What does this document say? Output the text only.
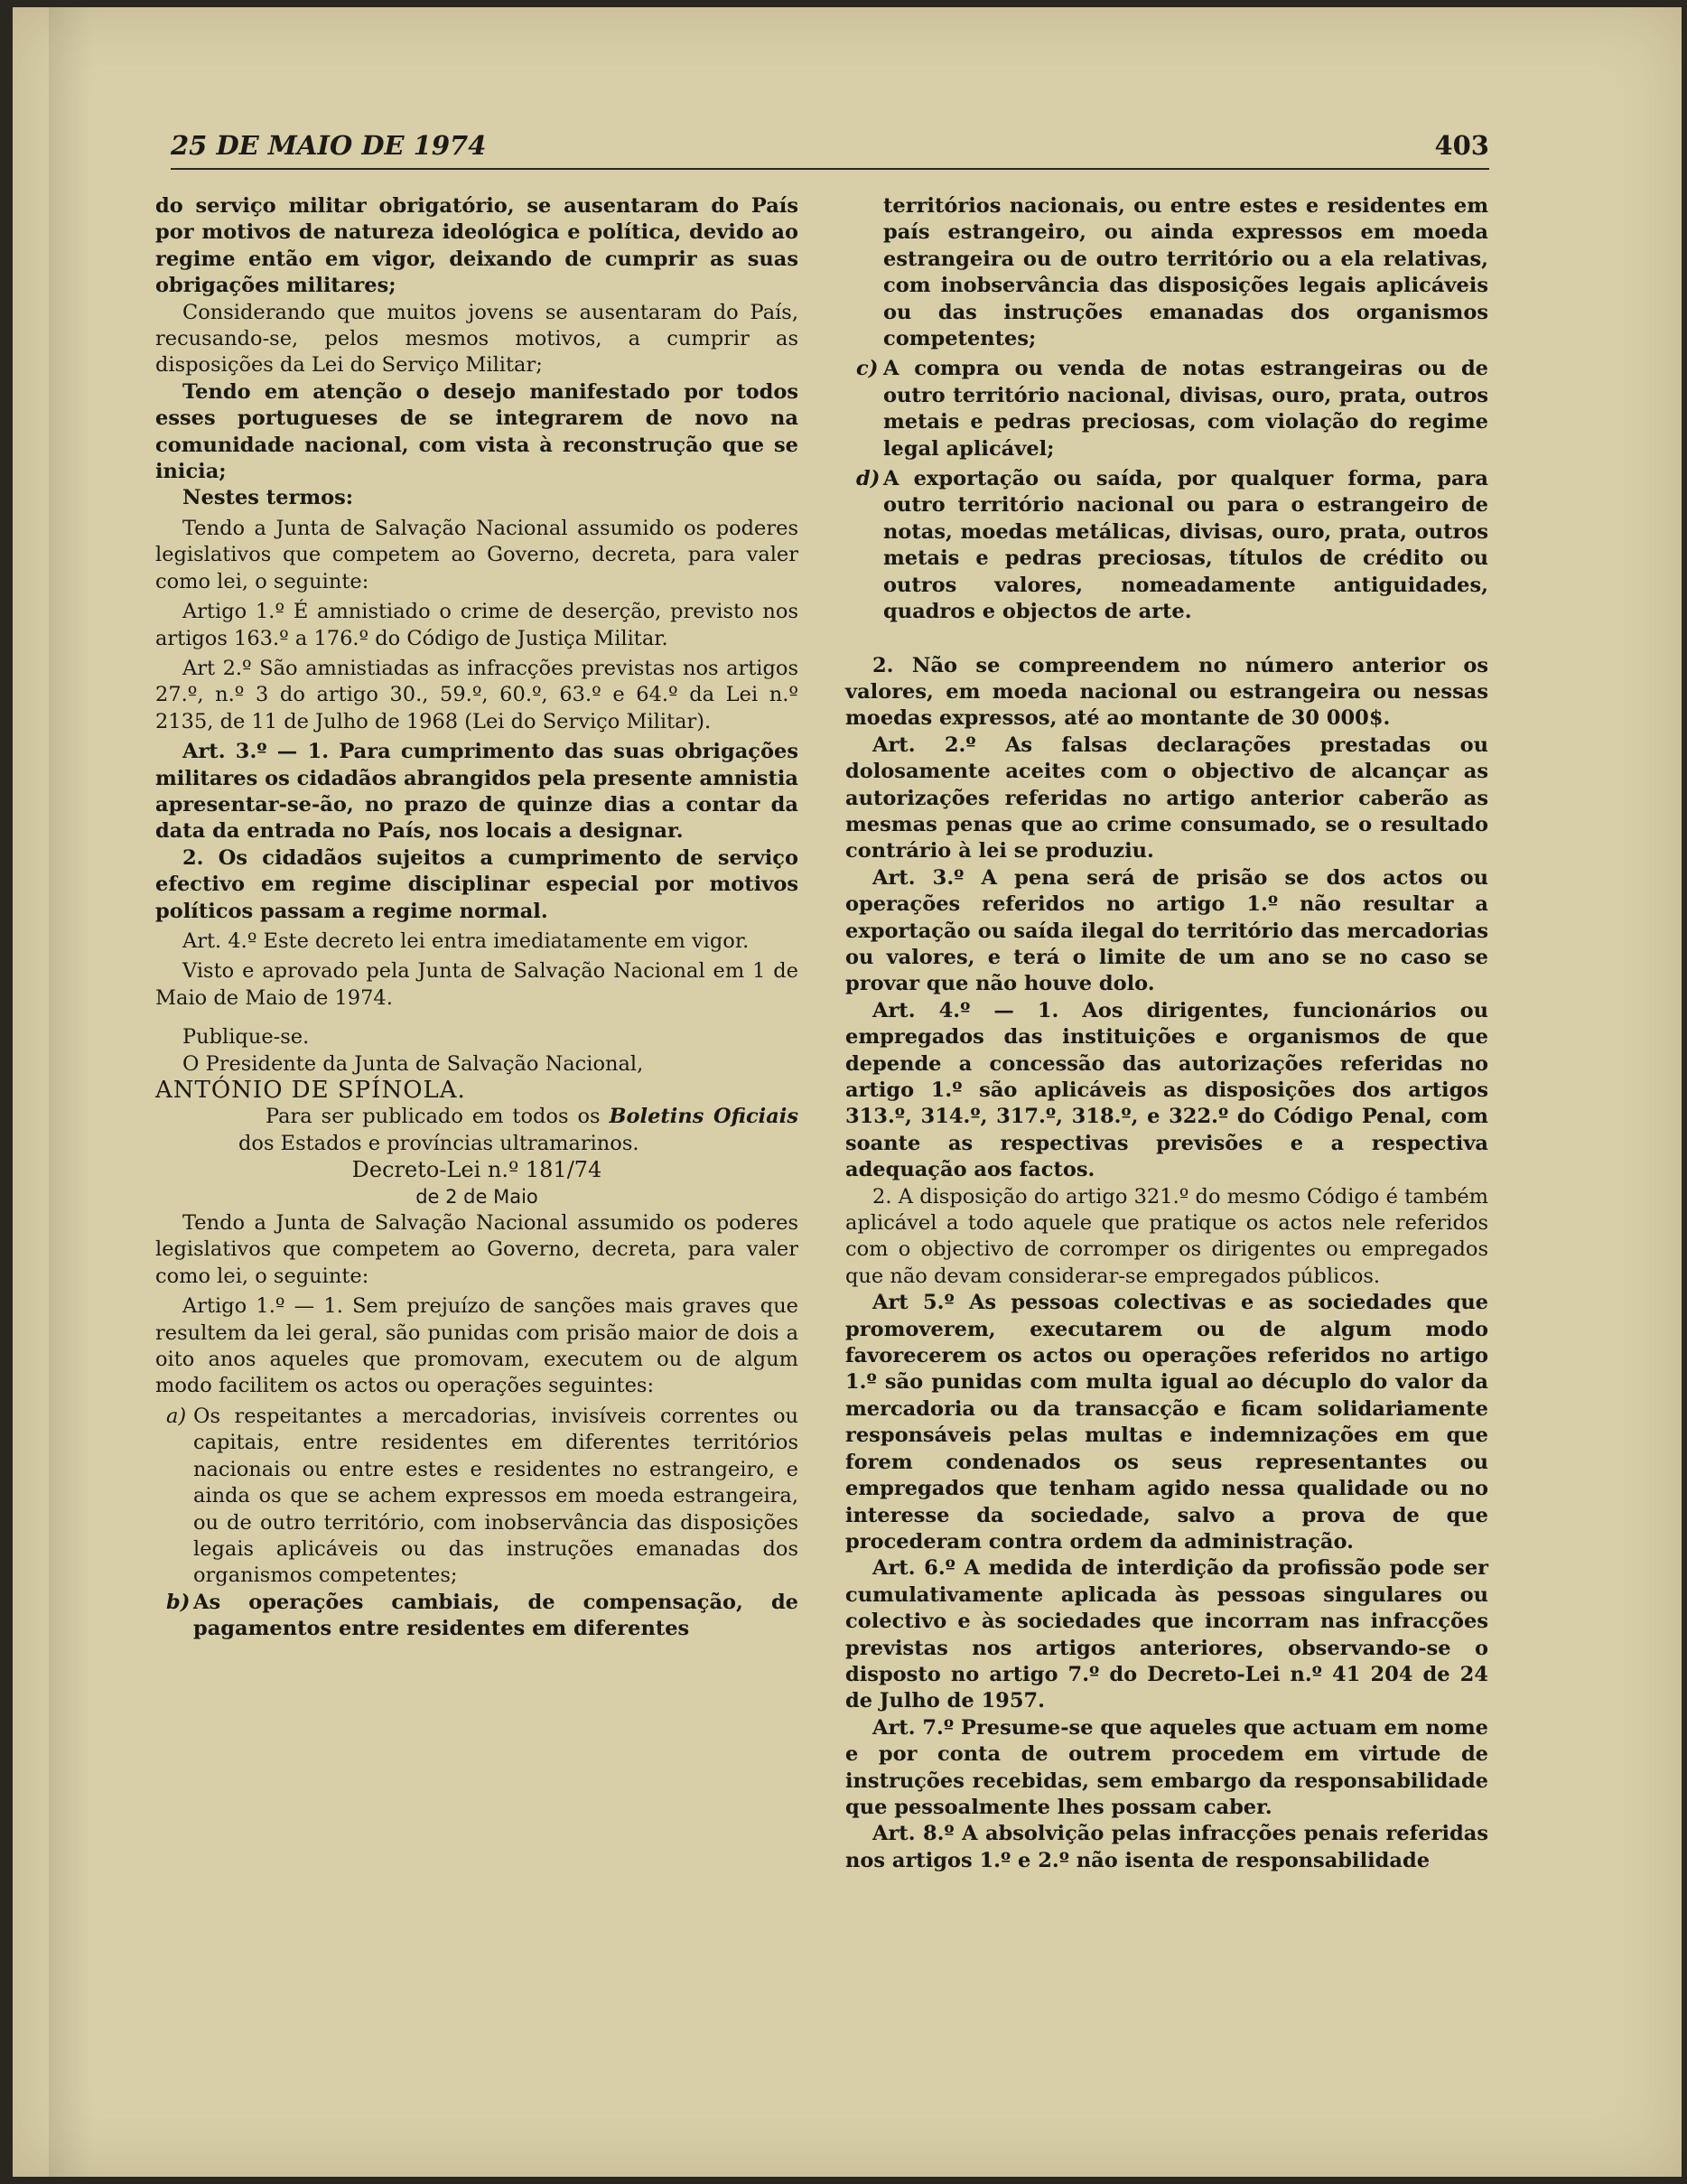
25 DE MAIO DE 1974	403

do serviço militar obrigatório, se ausentaram do País por motivos de natureza ideológica e política, devido ao regime então em vigor, deixando de cumprir as suas obrigações militares;

Considerando que muitos jovens se ausentaram do País, recusando-se, pelos mesmos motivos, a cumprir as disposições da Lei do Serviço Militar;

Tendo em atenção o desejo manifestado por todos esses portugueses de se integrarem de novo na comunidade nacional, com vista à reconstrução que se inicia;

Nestes termos:

Tendo a Junta de Salvação Nacional assumido os poderes legislativos que competem ao Governo, decreta, para valer como lei, o seguinte:

Artigo 1.º É amnistiado o crime de deserção, previsto nos artigos 163.º a 176.º do Código de Justiça Militar.

Art 2.º São amnistiadas as infracções previstas nos artigos 27.º, n.º 3 do artigo 30., 59.º, 60.º, 63.º e 64.º da Lei n.º 2135, de 11 de Julho de 1968 (Lei do Serviço Militar).

Art. 3.º — 1. Para cumprimento das suas obrigações militares os cidadãos abrangidos pela presente amnistia apresentar-se-ão, no prazo de quinze dias a contar da data da entrada no País, nos locais a designar.

2. Os cidadãos sujeitos a cumprimento de serviço efectivo em regime disciplinar especial por motivos políticos passam a regime normal.

Art. 4.º Este decreto lei entra imediatamente em vigor.

Visto e aprovado pela Junta de Salvação Nacional em 1 de Maio de Maio de 1974.

Publique-se.

O Presidente da Junta de Salvação Nacional,

ANTÓNIO DE SPÍNOLA.

Para ser publicado em todos os Boletins Oficiais dos Estados e províncias ultramarinos.

Decreto-Lei n.º 181/74

de 2 de Maio

Tendo a Junta de Salvação Nacional assumido os poderes legislativos que competem ao Governo, decreta, para valer como lei, o seguinte:

Artigo 1.º — 1. Sem prejuízo de sanções mais graves que resultem da lei geral, são punidas com prisão maior de dois a oito anos aqueles que promovam, executem ou de algum modo facilitem os actos ou operações seguintes:

a) Os respeitantes a mercadorias, invisíveis correntes ou capitais, entre residentes em diferentes territórios nacionais ou entre estes e residentes no estrangeiro, e ainda os que se achem expressos em moeda estrangeira, ou de outro território, com inobservância das disposições legais aplicáveis ou das instruções emanadas dos organismos competentes;

b) As operações cambiais, de compensação, de pagamentos entre residentes em diferentes

territórios nacionais, ou entre estes e residentes em país estrangeiro, ou ainda expressos em moeda estrangeira ou de outro território ou a ela relativas, com inobservância das disposições legais aplicáveis ou das instruções emanadas dos organismos competentes;

c) A compra ou venda de notas estrangeiras ou de outro território nacional, divisas, ouro, prata, outros metais e pedras preciosas, com violação do regime legal aplicável;

d) A exportação ou saída, por qualquer forma, para outro território nacional ou para o estrangeiro de notas, moedas metálicas, divisas, ouro, prata, outros metais e pedras preciosas, títulos de crédito ou outros valores, nomeadamente antiguidades, quadros e objectos de arte.

2. Não se compreendem no número anterior os valores, em moeda nacional ou estrangeira ou nessas moedas expressos, até ao montante de 30 000$.

Art. 2.º As falsas declarações prestadas ou dolosamente aceites com o objectivo de alcançar as autorizações referidas no artigo anterior caberão as mesmas penas que ao crime consumado, se o resultado contrário à lei se produziu.

Art. 3.º A pena será de prisão se dos actos ou operações referidos no artigo 1.º não resultar a exportação ou saída ilegal do território das mercadorias ou valores, e terá o limite de um ano se no caso se provar que não houve dolo.

Art. 4.º — 1. Aos dirigentes, funcionários ou empregados das instituições e organismos de que depende a concessão das autorizações referidas no artigo 1.º são aplicáveis as disposições dos artigos 313.º, 314.º, 317.º, 318.º, e 322.º do Código Penal, com soante as respectivas previsões e a respectiva adequação aos factos.

2. A disposição do artigo 321.º do mesmo Código é também aplicável a todo aquele que pratique os actos nele referidos com o objectivo de corromper os dirigentes ou empregados que não devam considerar-se empregados públicos.

Art 5.º As pessoas colectivas e as sociedades que promoverem, executarem ou de algum modo favorecerem os actos ou operações referidos no artigo 1.º são punidas com multa igual ao décuplo do valor da mercadoria ou da transacção e ficam solidariamente responsáveis pelas multas e indemnizações em que forem condenados os seus representantes ou empregados que tenham agido nessa qualidade ou no interesse da sociedade, salvo a prova de que procederam contra ordem da administração.

Art. 6.º A medida de interdição da profissão pode ser cumulativamente aplicada às pessoas singulares ou colectivo e às sociedades que incorram nas infracções previstas nos artigos anteriores, observando-se o disposto no artigo 7.º do Decreto-Lei n.º 41 204 de 24 de Julho de 1957.

Art. 7.º Presume-se que aqueles que actuam em nome e por conta de outrem procedem em virtude de instruções recebidas, sem embargo da responsabilidade que pessoalmente lhes possam caber.

Art. 8.º A absolvição pelas infracções penais referidas nos artigos 1.º e 2.º não isenta de responsabilidade
